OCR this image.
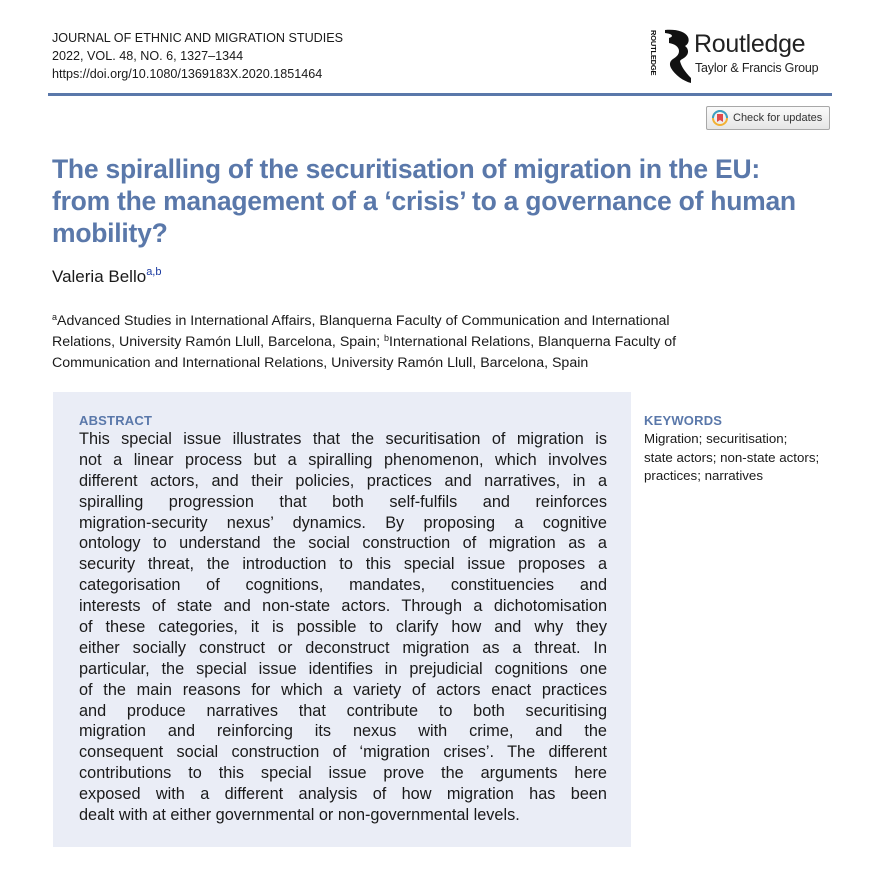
JOURNAL OF ETHNIC AND MIGRATION STUDIES
2022, VOL. 48, NO. 6, 1327–1344
https://doi.org/10.1080/1369183X.2020.1851464	ROUTLEDGE Routledge
Taylor & Francis Group
Check for updates
The spiralling of the securitisation of migration in the EU:
from the management of a ‘crisis’ to a governance of human
mobility?
Valeria Bello$^{a,b}$
$^a$Advanced Studies in International Affairs, Blanquerna Faculty of Communication and International
Relations, University Ramón Llull, Barcelona, Spain; $^b$International Relations, Blanquerna Faculty of
Communication and International Relations, University Ramón Llull, Barcelona, Spain
ABSTRACT
This special issue illustrates that the securitisation of migration is
not a linear process but a spiralling phenomenon, which involves
different actors, and their policies, practices and narratives, in a
spiralling progression that both self-fulfils and reinforces
migration-security nexus’ dynamics. By proposing a cognitive
ontology to understand the social construction of migration as a
security threat, the introduction to this special issue proposes a
categorisation of cognitions, mandates, constituencies and
interests of state and non-state actors. Through a dichotomisation
of these categories, it is possible to clarify how and why they
either socially construct or deconstruct migration as a threat. In
particular, the special issue identifies in prejudicial cognitions one
of the main reasons for which a variety of actors enact practices
and produce narratives that contribute to both securitising
migration and reinforcing its nexus with crime, and the
consequent social construction of ‘migration crises’. The different
contributions to this special issue prove the arguments here
exposed with a different analysis of how migration has been
dealt with at either governmental or non-governmental levels.
KEYWORDS
Migration; securitisation;
state actors; non-state actors;
practices; narratives
